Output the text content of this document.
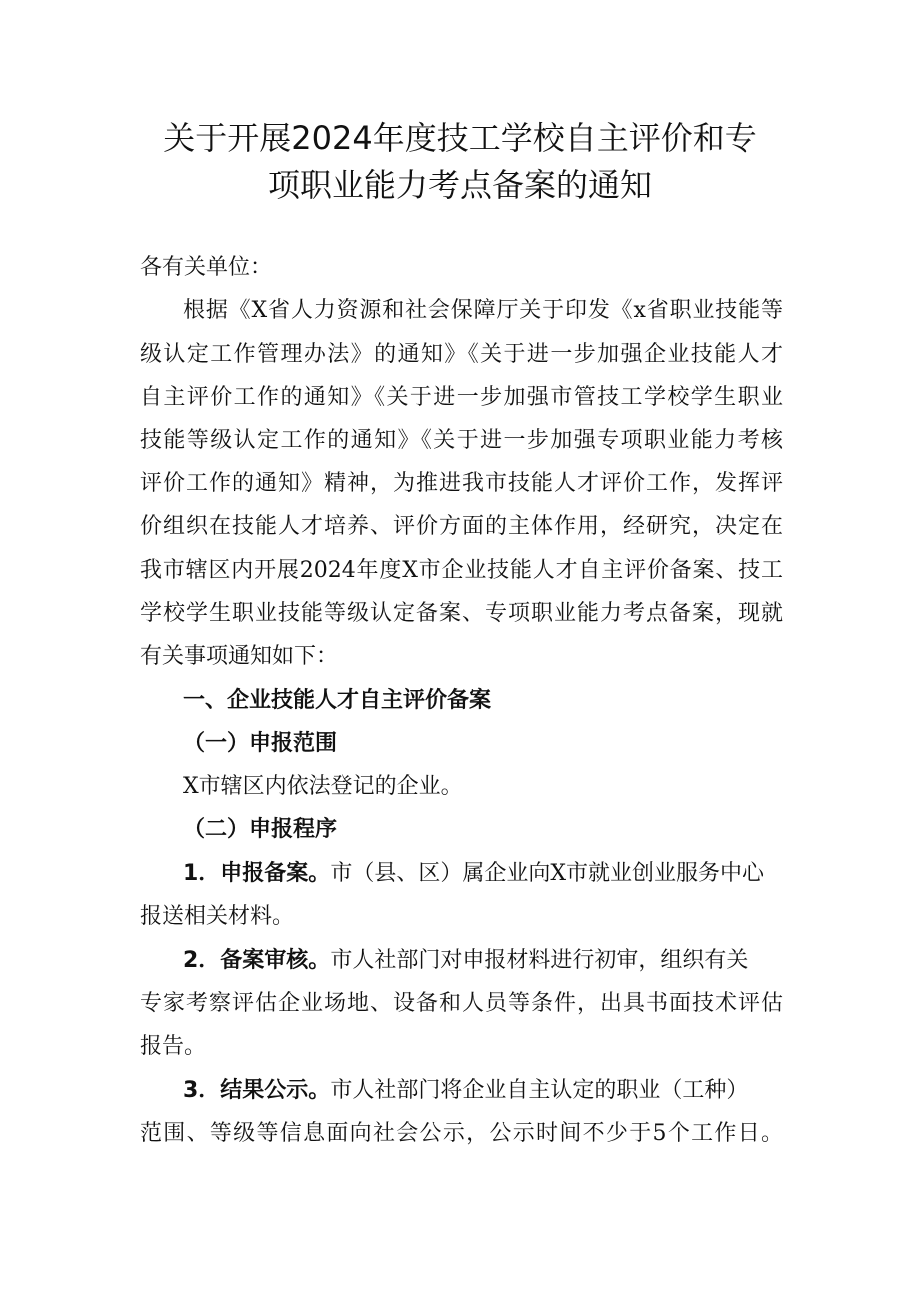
关于开展2024年度技工学校自主评价和专
项职业能力考点备案的通知
各有关单位：
根据《X省人力资源和社会保障厅关于印发《x省职业技能等
级认定工作管理办法》的通知》《关于进一步加强企业技能人才
自主评价工作的通知》《关于进一步加强市管技工学校学生职业
技能等级认定工作的通知》《关于进一步加强专项职业能力考核
评价工作的通知》精神，为推进我市技能人才评价工作，发挥评
价组织在技能人才培养、评价方面的主体作用，经研究，决定在
我市辖区内开展2024年度X市企业技能人才自主评价备案、技工
学校学生职业技能等级认定备案、专项职业能力考点备案，现就
有关事项通知如下：
一、企业技能人才自主评价备案
（一）申报范围
X市辖区内依法登记的企业。
（二）申报程序
1．申报备案。 市（县、区）属企业向X市就业创业服务中心
报送相关材料。
2．备案审核。 市人社部门对申报材料进行初审，组织有关
专家考察评估企业场地、设备和人员等条件，出具书面技术评估
报告。
3．结果公示。 市人社部门将企业自主认定的职业（工种）
范围、等级等信息面向社会公示，公示时间不少于5个工作日。
